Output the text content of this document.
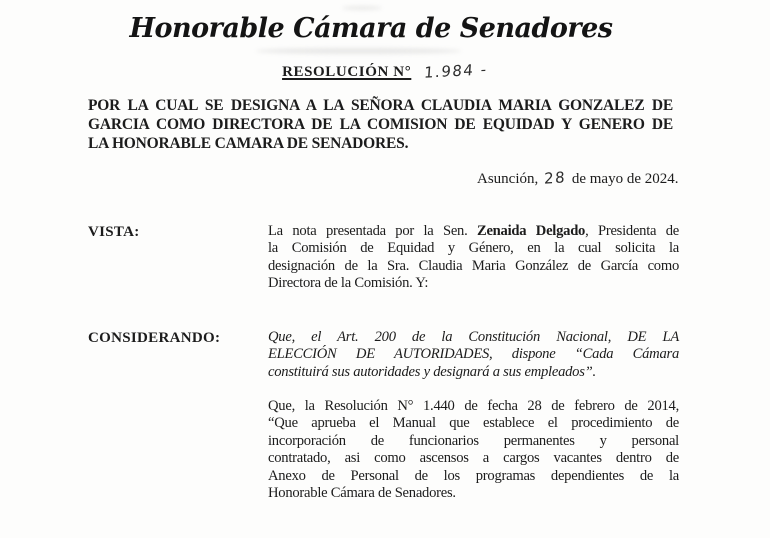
Honorable Cámara de Senadores
RESOLUCIÓN N° 1.984 -
POR LA CUAL SE DESIGNA A LA SEÑORA CLAUDIA MARIA GONZALEZ DE
GARCIA COMO DIRECTORA DE LA COMISION DE EQUIDAD Y GENERO DE
LA HONORABLE CAMARA DE SENADORES.
Asunción, 28 de mayo de 2024.
VISTA:	La nota presentada por la Sen. Zenaida Delgado, Presidenta de
la Comisión de Equidad y Género, en la cual solicita la
designación de la Sra. Claudia Maria González de García como
Directora de la Comisión. Y:
CONSIDERANDO:	Que, el Art. 200 de la Constitución Nacional, DE LA
ELECCIÓN DE AUTORIDADES, dispone “Cada Cámara
constituirá sus autoridades y designará a sus empleados”.
Que, la Resolución N° 1.440 de fecha 28 de febrero de 2014,
“Que aprueba el Manual que establece el procedimiento de
incorporación de funcionarios permanentes y personal
contratado, asi como ascensos a cargos vacantes dentro de
Anexo de Personal de los programas dependientes de la
Honorable Cámara de Senadores.
